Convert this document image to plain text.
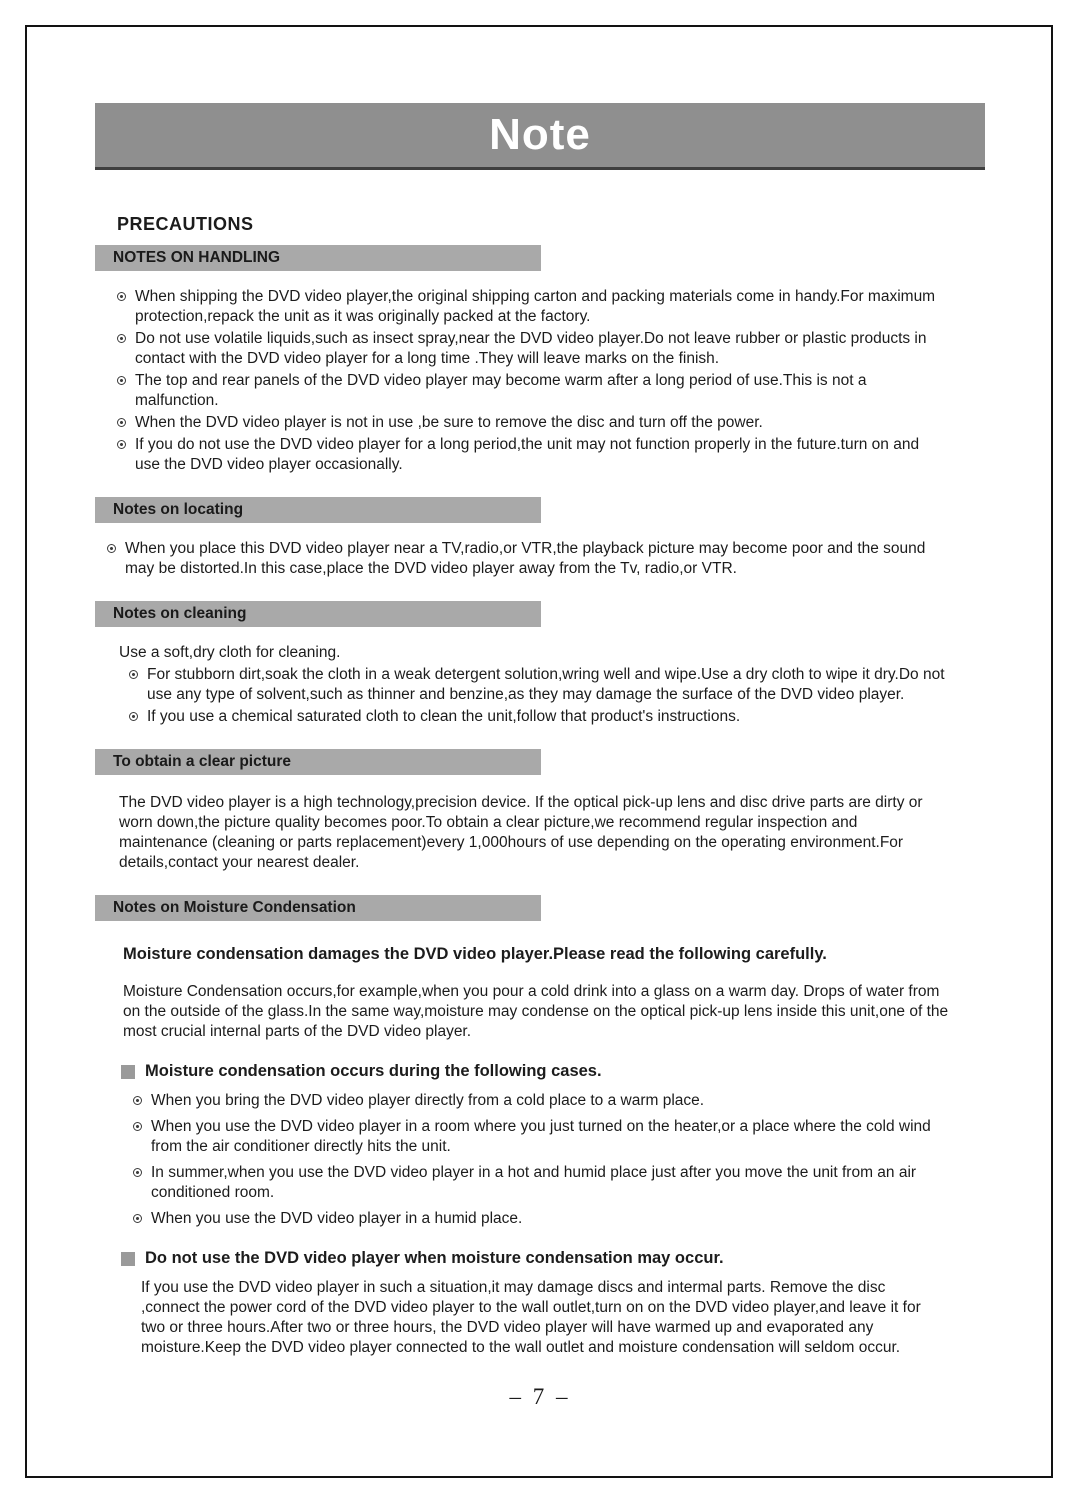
Note
PRECAUTIONS
NOTES ON HANDLING
When shipping the DVD video player,the original shipping carton and packing materials come in handy.For maximum protection,repack the unit as it was originally packed at the factory.
Do not use volatile liquids,such as insect spray,near the DVD video player.Do not leave rubber or plastic products in contact with the DVD video player for a long time .They will leave marks on the finish.
The top and rear panels of the DVD video player may become warm after a long period of use.This is not a malfunction.
When the DVD video player is not in use ,be sure to remove the disc and turn off the power.
If you do not use the DVD video player for a long period,the unit may not function properly in the future.turn on and use the DVD video player occasionally.
Notes on locating
When you place this DVD video player near a TV,radio,or VTR,the playback picture may become poor and the sound may be distorted.In this case,place the DVD video player away from the Tv, radio,or VTR.
Notes on cleaning
Use a soft,dry cloth for cleaning.
For stubborn dirt,soak the cloth in a weak detergent solution,wring well and wipe.Use a dry cloth to wipe it dry.Do not use any type of solvent,such as thinner and benzine,as they may damage the surface of the DVD video player.
If you use a chemical saturated cloth to clean the unit,follow that product's instructions.
To obtain a clear picture
The DVD video player is a high technology,precision device. If the optical pick-up lens and disc drive parts are dirty or worn down,the picture quality becomes poor.To obtain a clear picture,we recommend regular inspection and maintenance (cleaning or parts replacement)every 1,000hours of use depending on the operating environment.For details,contact your nearest dealer.
Notes on Moisture Condensation
Moisture condensation damages the DVD video player.Please read the following carefully.
Moisture Condensation occurs,for example,when you pour a cold drink into a glass on a warm day. Drops of water from on the outside of the glass.In the same way,moisture may condense on the optical pick-up lens inside this unit,one of the most crucial internal parts of the DVD video player.
Moisture condensation occurs during the following cases.
When you bring the DVD video player directly from a cold place to a warm place.
When you use the DVD video player in a room where you just turned on the heater,or a place where the cold wind from the air conditioner directly hits the unit.
In summer,when you use the DVD video player in a hot and humid place just after you move the unit from an air conditioned room.
When you use the DVD video player in a humid place.
Do not use the DVD video player when moisture condensation may occur.
If you use the DVD video player in such a situation,it may damage discs and intermal parts. Remove the disc ,connect the power cord of the DVD video player to the wall outlet,turn on on the DVD video player,and leave it for two or three hours.After two or three hours, the DVD video player will have warmed up and evaporated any moisture.Keep the DVD video player connected to the wall outlet and moisture condensation will seldom occur.
– 7 –
